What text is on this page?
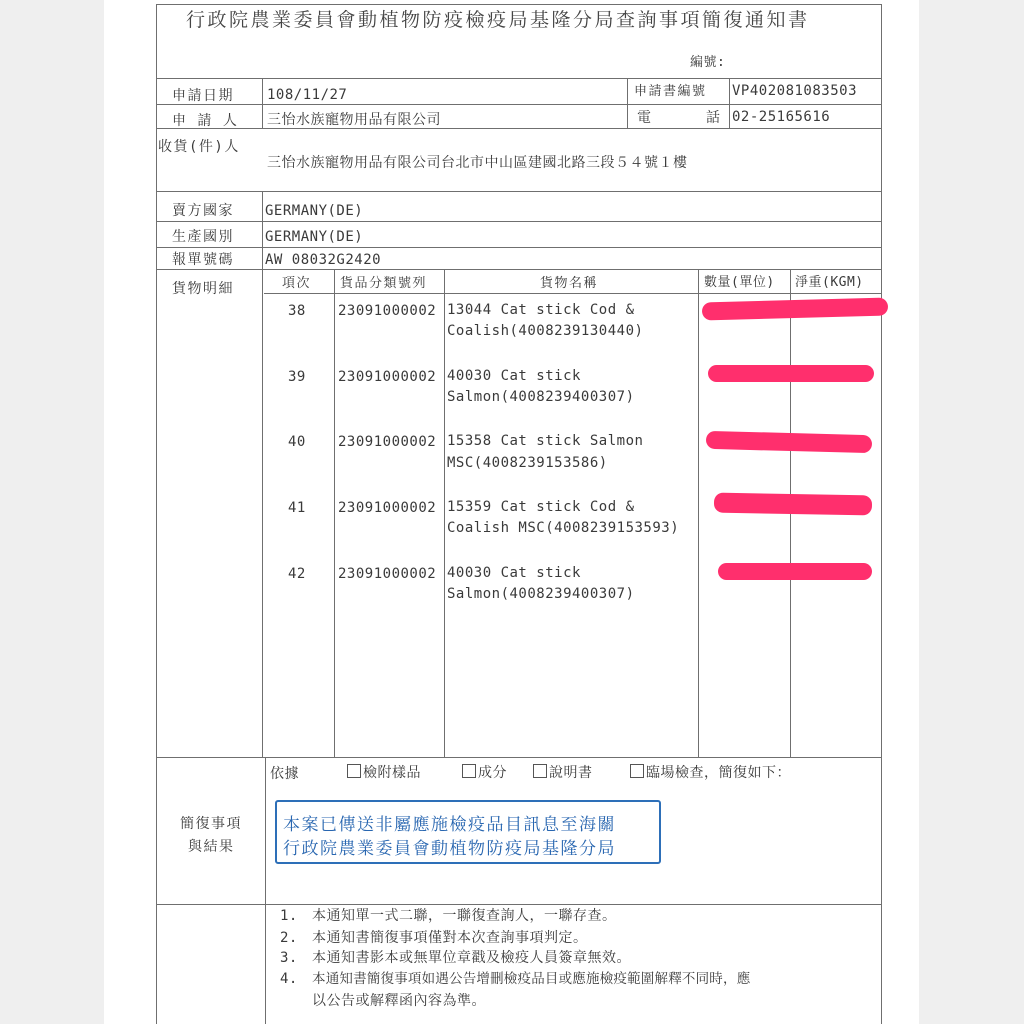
行政院農業委員會動植物防疫檢疫局基隆分局查詢事項簡復通知書
編號:
申請日期 108/11/27	申請書編號 VP402081083503
申 請 人 三怡水族寵物用品有限公司	電	話 02-25165616
收貨(件)人
三怡水族寵物用品有限公司台北市中山區建國北路三段５４號１樓
賣方國家 GERMANY(DE)
生產國別 GERMANY(DE)
報單號碼 AW 08032G2420
貨物明細	項次 貨品分類號列	貨物名稱	數量(單位) 淨重(KGM)
38 23091000002 13044 Cat stick Cod &
Coalish(4008239130440)
39 23091000002 40030 Cat stick
Salmon(4008239400307)
40 23091000002 15358 Cat stick Salmon
MSC(4008239153586)
41 23091000002 15359 Cat stick Cod &
Coalish MSC(4008239153593)
42 23091000002 40030 Cat stick
Salmon(4008239400307)
簡復事項
與結果
依據	檢附樣品	成分	說明書	臨場檢查，簡復如下：
本案已傳送非屬應施檢疫品目訊息至海關
行政院農業委員會動植物防疫局基隆分局
1. 本通知單一式二聯，一聯復查詢人，一聯存查。
2. 本通知書簡復事項僅對本次查詢事項判定。
3. 本通知書影本或無單位章戳及檢疫人員簽章無效。
4. 本通知書簡復事項如遇公告增刪檢疫品目或應施檢疫範圍解釋不同時，應
以公告或解釋函內容為準。
